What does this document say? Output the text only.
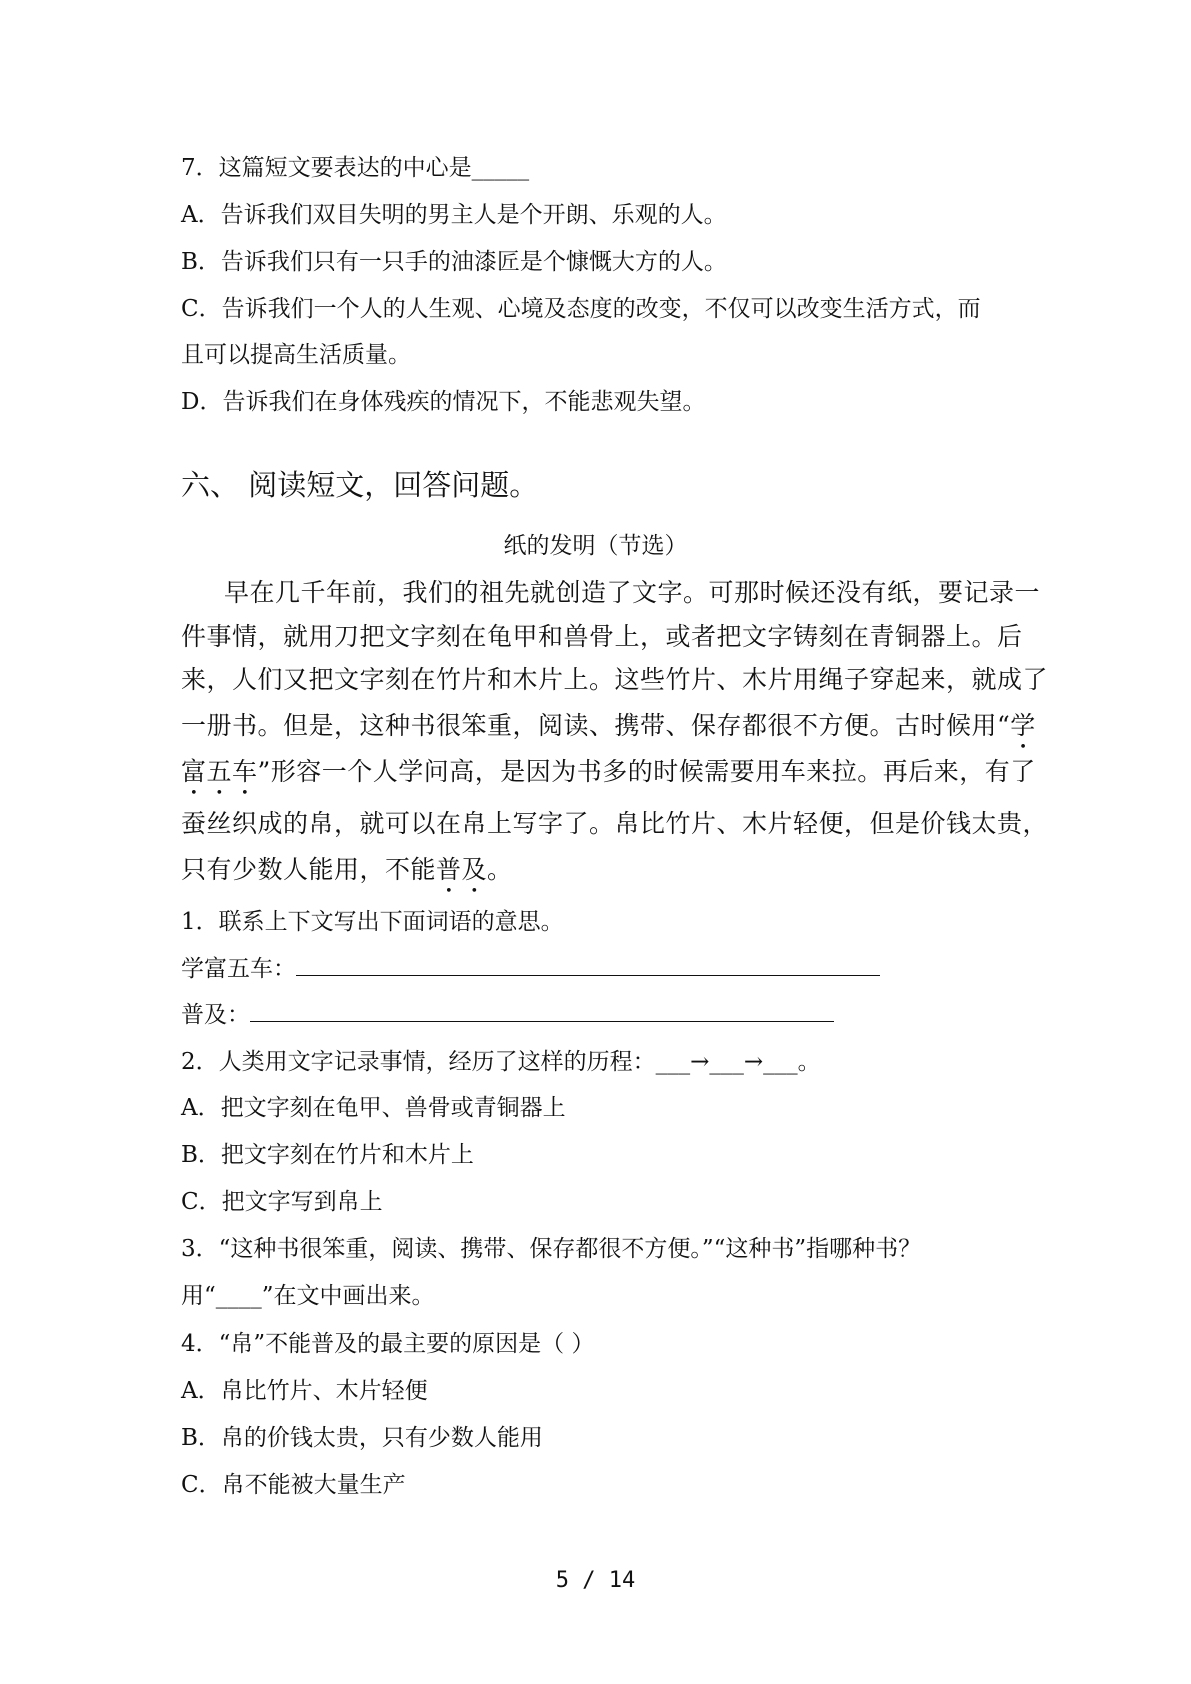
7．这篇短文要表达的中心是_____
A．告诉我们双目失明的男主人是个开朗、乐观的人。
B．告诉我们只有一只手的油漆匠是个慷慨大方的人。
C．告诉我们一个人的人生观、心境及态度的改变，不仅可以改变生活方式，而
且可以提高生活质量。
D．告诉我们在身体残疾的情况下，不能悲观失望。
六、 阅读短文，回答问题。
纸的发明（节选）
早在几千年前，我们的祖先就创造了文字。可那时候还没有纸，要记录一
件事情，就用刀把文字刻在龟甲和兽骨上，或者把文字铸刻在青铜器上。后
来，人们又把文字刻在竹片和木片上。这些竹片、木片用绳子穿起来，就成了
一册书。但是，这种书很笨重，阅读、携带、保存都很不方便。古时候用“学
富五车”形容一个人学问高，是因为书多的时候需要用车来拉。再后来，有了
蚕丝织成的帛，就可以在帛上写字了。帛比竹片、木片轻便，但是价钱太贵，
只有少数人能用，不能普及。
1．联系上下文写出下面词语的意思。
学富五车：
普及：
2．人类用文字记录事情，经历了这样的历程：___→___→___。
A．把文字刻在龟甲、兽骨或青铜器上
B．把文字刻在竹片和木片上
C．把文字写到帛上
3．“这种书很笨重，阅读、携带、保存都很不方便。”“这种书”指哪种书？
用“____”在文中画出来。
4．“帛”不能普及的最主要的原因是（ ）
A．帛比竹片、木片轻便
B．帛的价钱太贵，只有少数人能用
C．帛不能被大量生产
5 / 14
